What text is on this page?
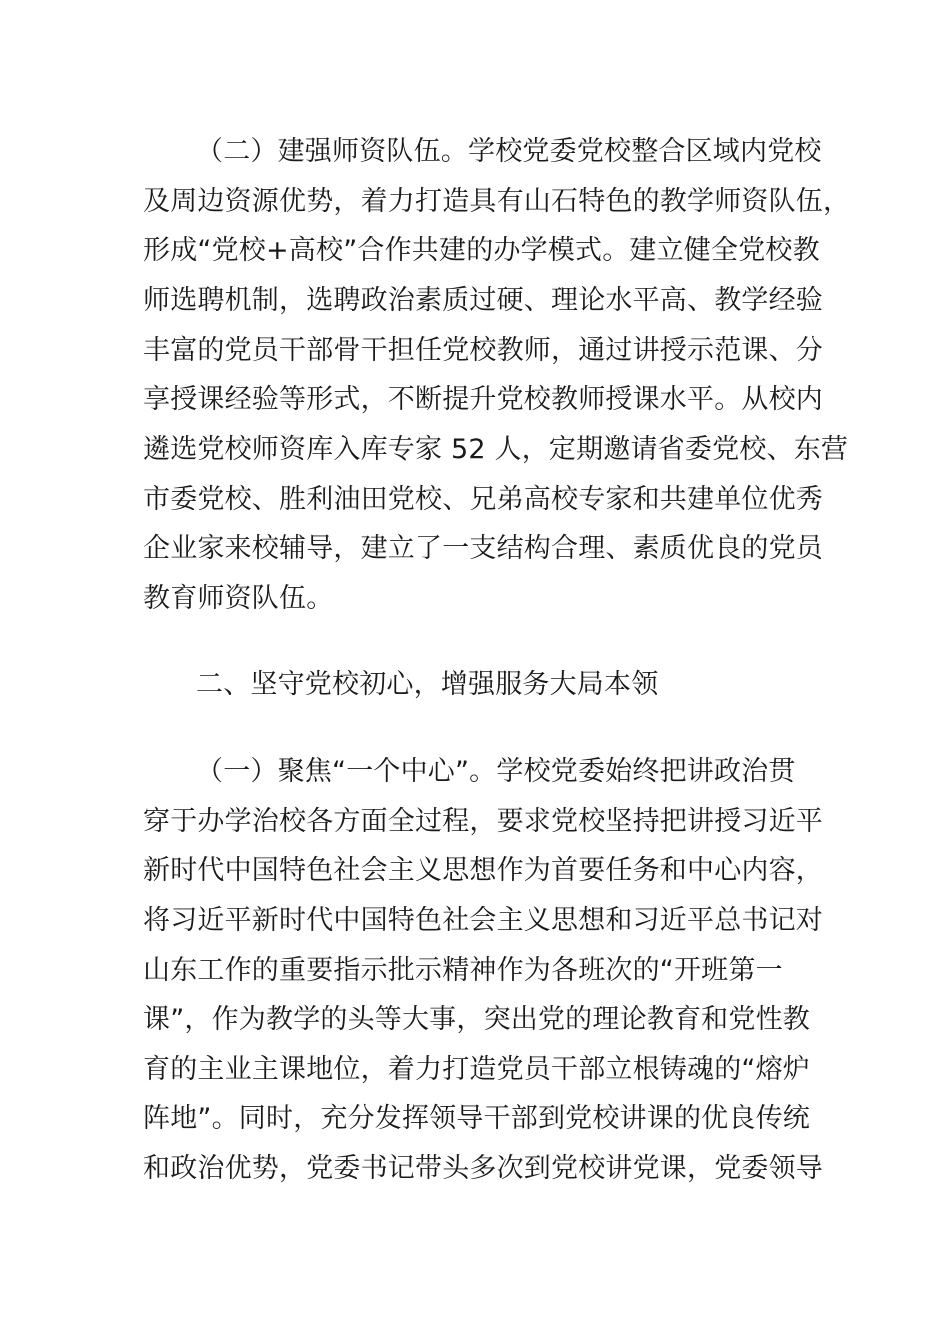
（二）建强师资队伍。学校党委党校整合区域内党校
及周边资源优势，着力打造具有山石特色的教学师资队伍，
形成“党校+高校”合作共建的办学模式。建立健全党校教
师选聘机制，选聘政治素质过硬、理论水平高、教学经验
丰富的党员干部骨干担任党校教师，通过讲授示范课、分
享授课经验等形式，不断提升党校教师授课水平。从校内
遴选党校师资库入库专家 52 人，定期邀请省委党校、东营
市委党校、胜利油田党校、兄弟高校专家和共建单位优秀
企业家来校辅导，建立了一支结构合理、素质优良的党员
教育师资队伍。
二、坚守党校初心，增强服务大局本领
（一）聚焦“一个中心”。学校党委始终把讲政治贯
穿于办学治校各方面全过程，要求党校坚持把讲授习近平
新时代中国特色社会主义思想作为首要任务和中心内容，
将习近平新时代中国特色社会主义思想和习近平总书记对
山东工作的重要指示批示精神作为各班次的“开班第一
课”，作为教学的头等大事，突出党的理论教育和党性教
育的主业主课地位，着力打造党员干部立根铸魂的“熔炉
阵地”。同时，充分发挥领导干部到党校讲课的优良传统
和政治优势，党委书记带头多次到党校讲党课，党委领导
